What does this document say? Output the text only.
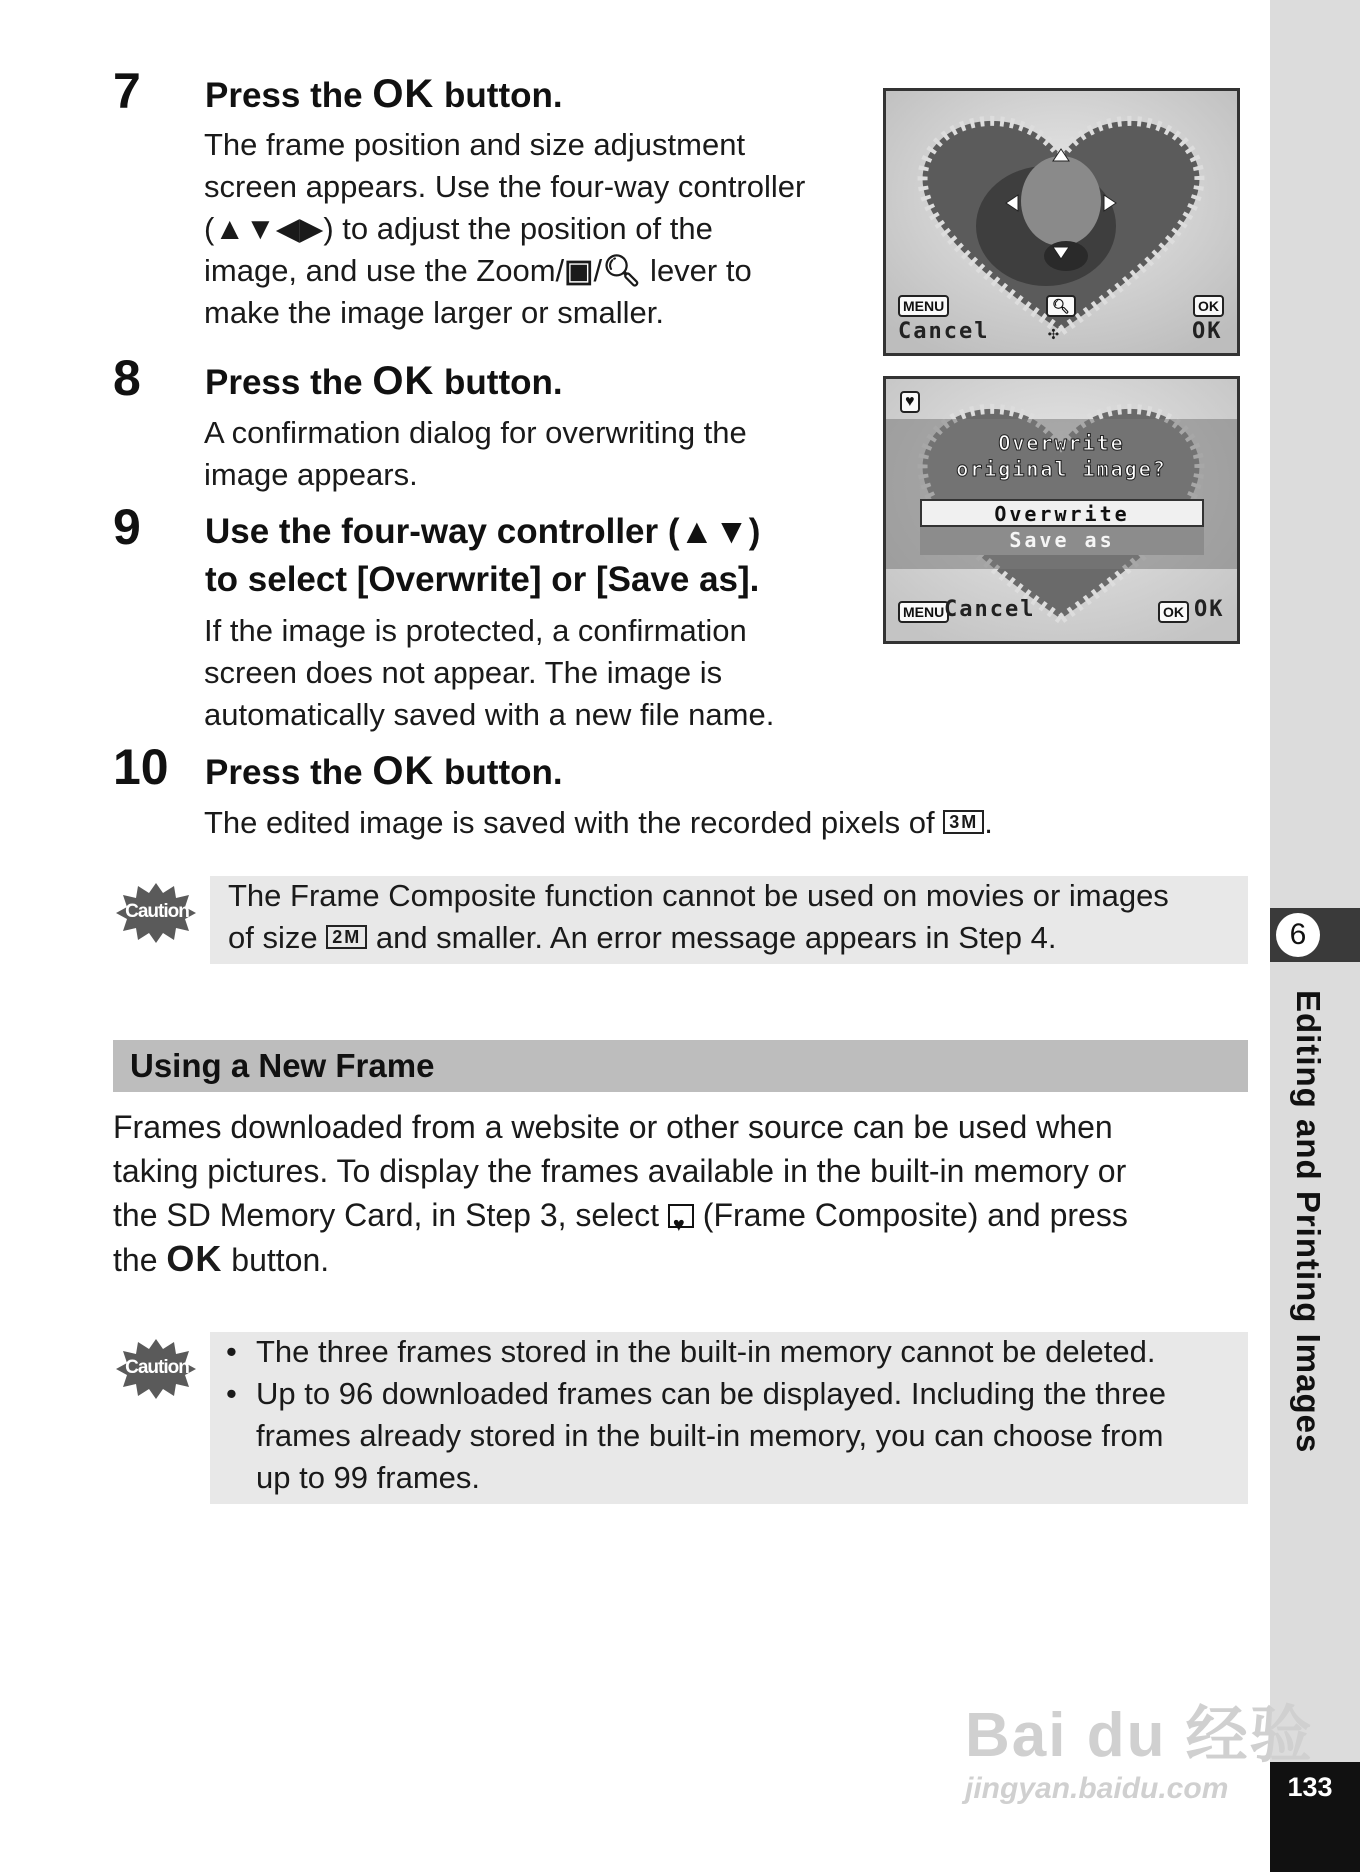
6
Editing and Printing Images
133
7 Press the OK button.
The frame position and size adjustment
screen appears. Use the four-way controller
(▲▼◀▶) to adjust the position of the
image, and use the Zoom/▣/🔍︎ lever to
make the image larger or smaller.	MENU
Cancel
🔍︎
✣
OK
OK
8 Press the OK button.
A confirmation dialog for overwriting the
image appears.
♥
Overwrite
original image?
Overwrite
Save as
MENU Cancel	OK OK
9 Use the four-way controller (▲▼)
to select [Overwrite] or [Save as].
If the image is protected, a confirmation
screen does not appear. The image is
automatically saved with a new file name.
10 Press the OK button.
The edited image is saved with the recorded pixels of 3M .
Caution The Frame Composite function cannot be used on movies or images
of size 2M and smaller. An error message appears in Step 4.
Using a New Frame
Frames downloaded from a website or other source can be used when
taking pictures. To display the frames available in the built-in memory or
the SD Memory Card, in Step 3, select ♥ (Frame Composite) and press
the OK button.
Caution • The three frames stored in the built-in memory cannot be deleted.
• Up to 96 downloaded frames can be displayed. Including the three
frames already stored in the built-in memory, you can choose from
up to 99 frames.
Bai du 经验
jingyan.baidu.com
